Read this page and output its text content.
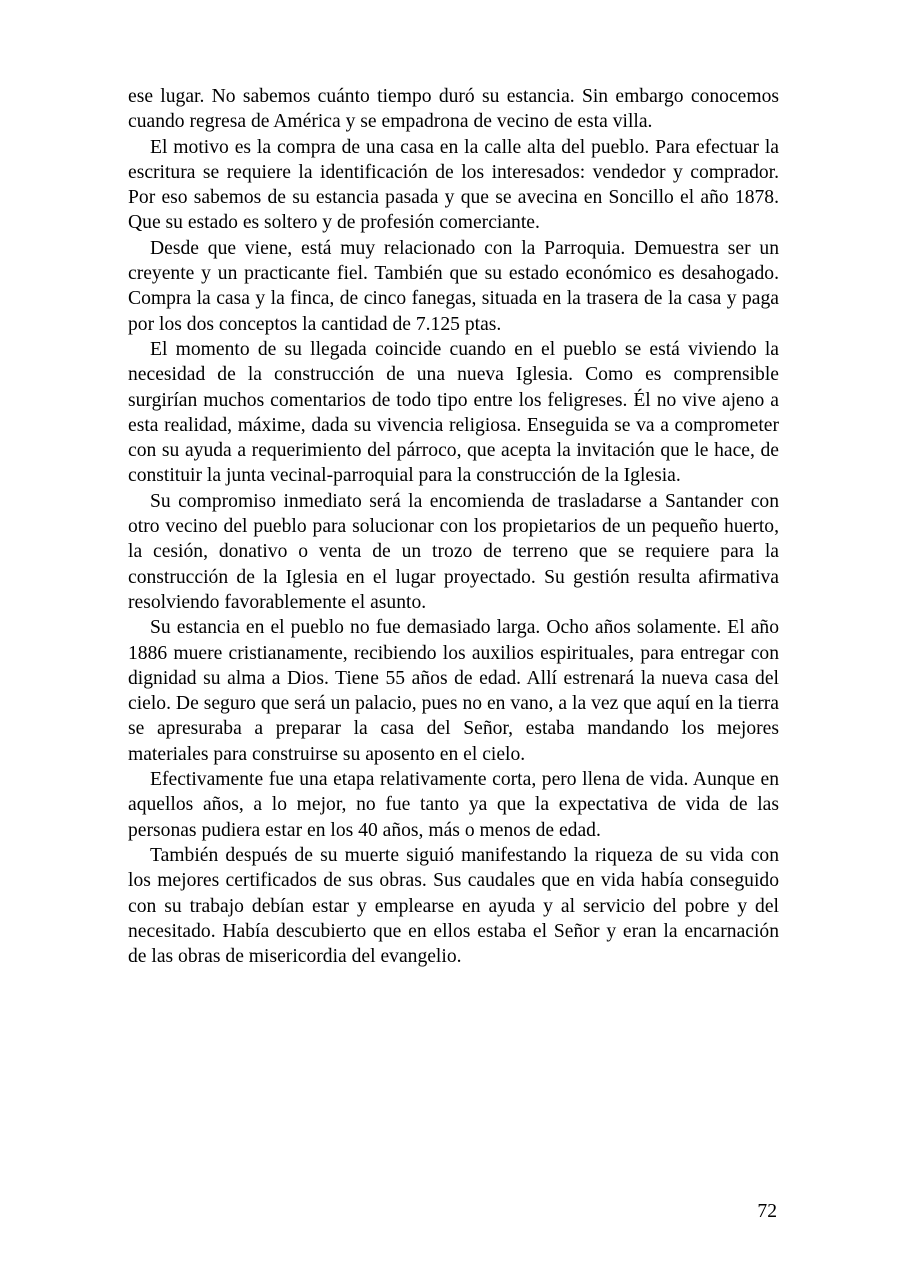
ese lugar. No sabemos cuánto tiempo duró su estancia. Sin embargo conocemos cuando regresa de América y se empadrona de vecino de esta villa.

El motivo es la compra de una casa en la calle alta del pueblo. Para efectuar la escritura se requiere la identificación de los interesados: vendedor y comprador. Por eso sabemos de su estancia pasada y que se avecina en Soncillo el año 1878. Que su estado es soltero y de profesión comerciante.

Desde que viene, está muy relacionado con la Parroquia. Demuestra ser un creyente y un practicante fiel. También que su estado económico es desahogado. Compra la casa y la finca, de cinco fanegas, situada en la trasera de la casa y paga por los dos conceptos la cantidad de 7.125 ptas.

El momento de su llegada coincide cuando en el pueblo se está viviendo la necesidad de la construcción de una nueva Iglesia. Como es comprensible surgirían muchos comentarios de todo tipo entre los feligreses. Él no vive ajeno a esta realidad, máxime, dada su vivencia religiosa. Enseguida se va a comprometer con su ayuda a requerimiento del párroco, que acepta la invitación que le hace, de constituir la junta vecinal-parroquial para la construcción de la Iglesia.

Su compromiso inmediato será la encomienda de trasladarse a Santander con otro vecino del pueblo para solucionar con los propietarios de un pequeño huerto, la cesión, donativo o venta de un trozo de terreno que se requiere para la construcción de la Iglesia en el lugar proyectado. Su gestión resulta afirmativa resolviendo favorablemente el asunto.

Su estancia en el pueblo no fue demasiado larga. Ocho años solamente. El año 1886 muere cristianamente, recibiendo los auxilios espirituales, para entregar con dignidad su alma a Dios. Tiene 55 años de edad. Allí estrenará la nueva casa del cielo. De seguro que será un palacio, pues no en vano, a la vez que aquí en la tierra se apresuraba a preparar la casa del Señor, estaba mandando los mejores materiales para construirse su aposento en el cielo.

Efectivamente fue una etapa relativamente corta, pero llena de vida. Aunque en aquellos años, a lo mejor, no fue tanto ya que la expectativa de vida de las personas pudiera estar en los 40 años, más o menos de edad.

También después de su muerte siguió manifestando la riqueza de su vida con los mejores certificados de sus obras. Sus caudales que en vida había conseguido con su trabajo debían estar y emplearse en ayuda y al servicio del pobre y del necesitado. Había descubierto que en ellos estaba el Señor y eran la encarnación de las obras de misericordia del evangelio.

72
